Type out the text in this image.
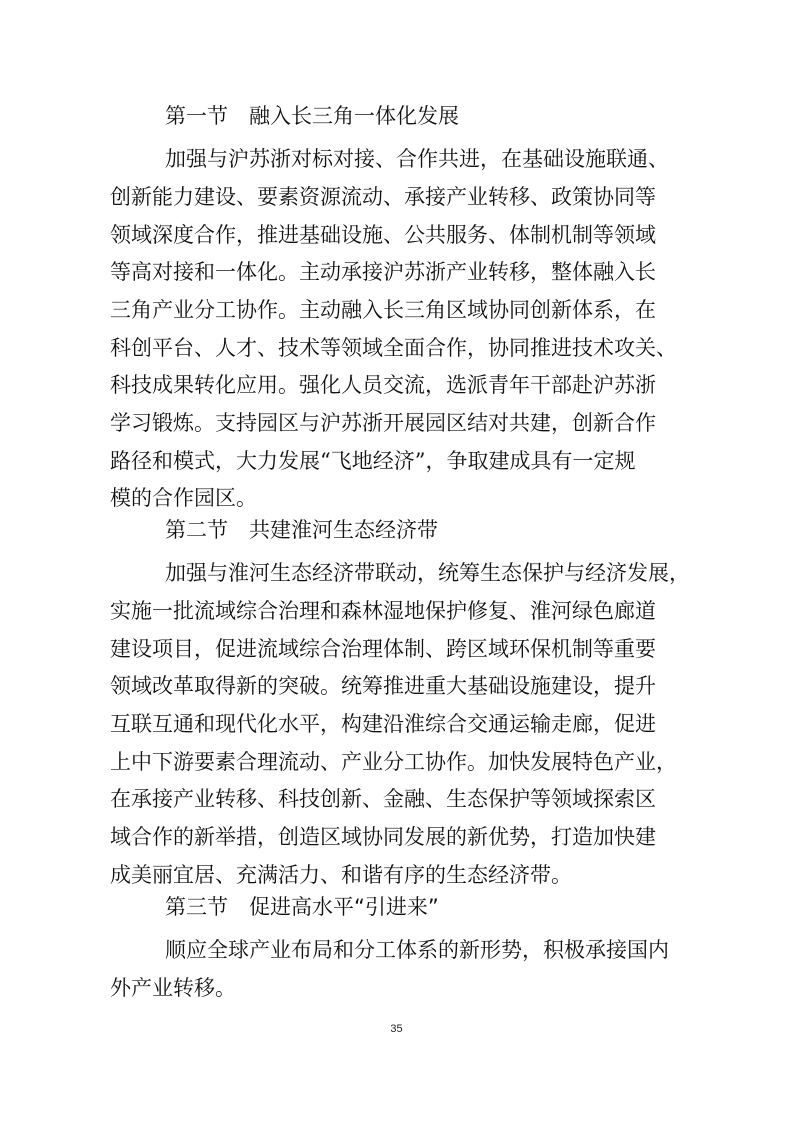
第一节　融入长三角一体化发展
加强与沪苏浙对标对接、合作共进，在基础设施联通、
创新能力建设、要素资源流动、承接产业转移、政策协同等
领域深度合作，推进基础设施、公共服务、体制机制等领域
等高对接和一体化。主动承接沪苏浙产业转移，整体融入长
三角产业分工协作。主动融入长三角区域协同创新体系，在
科创平台、人才、技术等领域全面合作，协同推进技术攻关、
科技成果转化应用。强化人员交流，选派青年干部赴沪苏浙
学习锻炼。支持园区与沪苏浙开展园区结对共建，创新合作
路径和模式，大力发展“飞地经济”，争取建成具有一定规
模的合作园区。
第二节　共建淮河生态经济带
加强与淮河生态经济带联动，统筹生态保护与经济发展，
实施一批流域综合治理和森林湿地保护修复、淮河绿色廊道
建设项目，促进流域综合治理体制、跨区域环保机制等重要
领域改革取得新的突破。统筹推进重大基础设施建设，提升
互联互通和现代化水平，构建沿淮综合交通运输走廊，促进
上中下游要素合理流动、产业分工协作。加快发展特色产业，
在承接产业转移、科技创新、金融、生态保护等领域探索区
域合作的新举措，创造区域协同发展的新优势，打造加快建
成美丽宜居、充满活力、和谐有序的生态经济带。
第三节　促进高水平“引进来”
顺应全球产业布局和分工体系的新形势，积极承接国内
外产业转移。
35
